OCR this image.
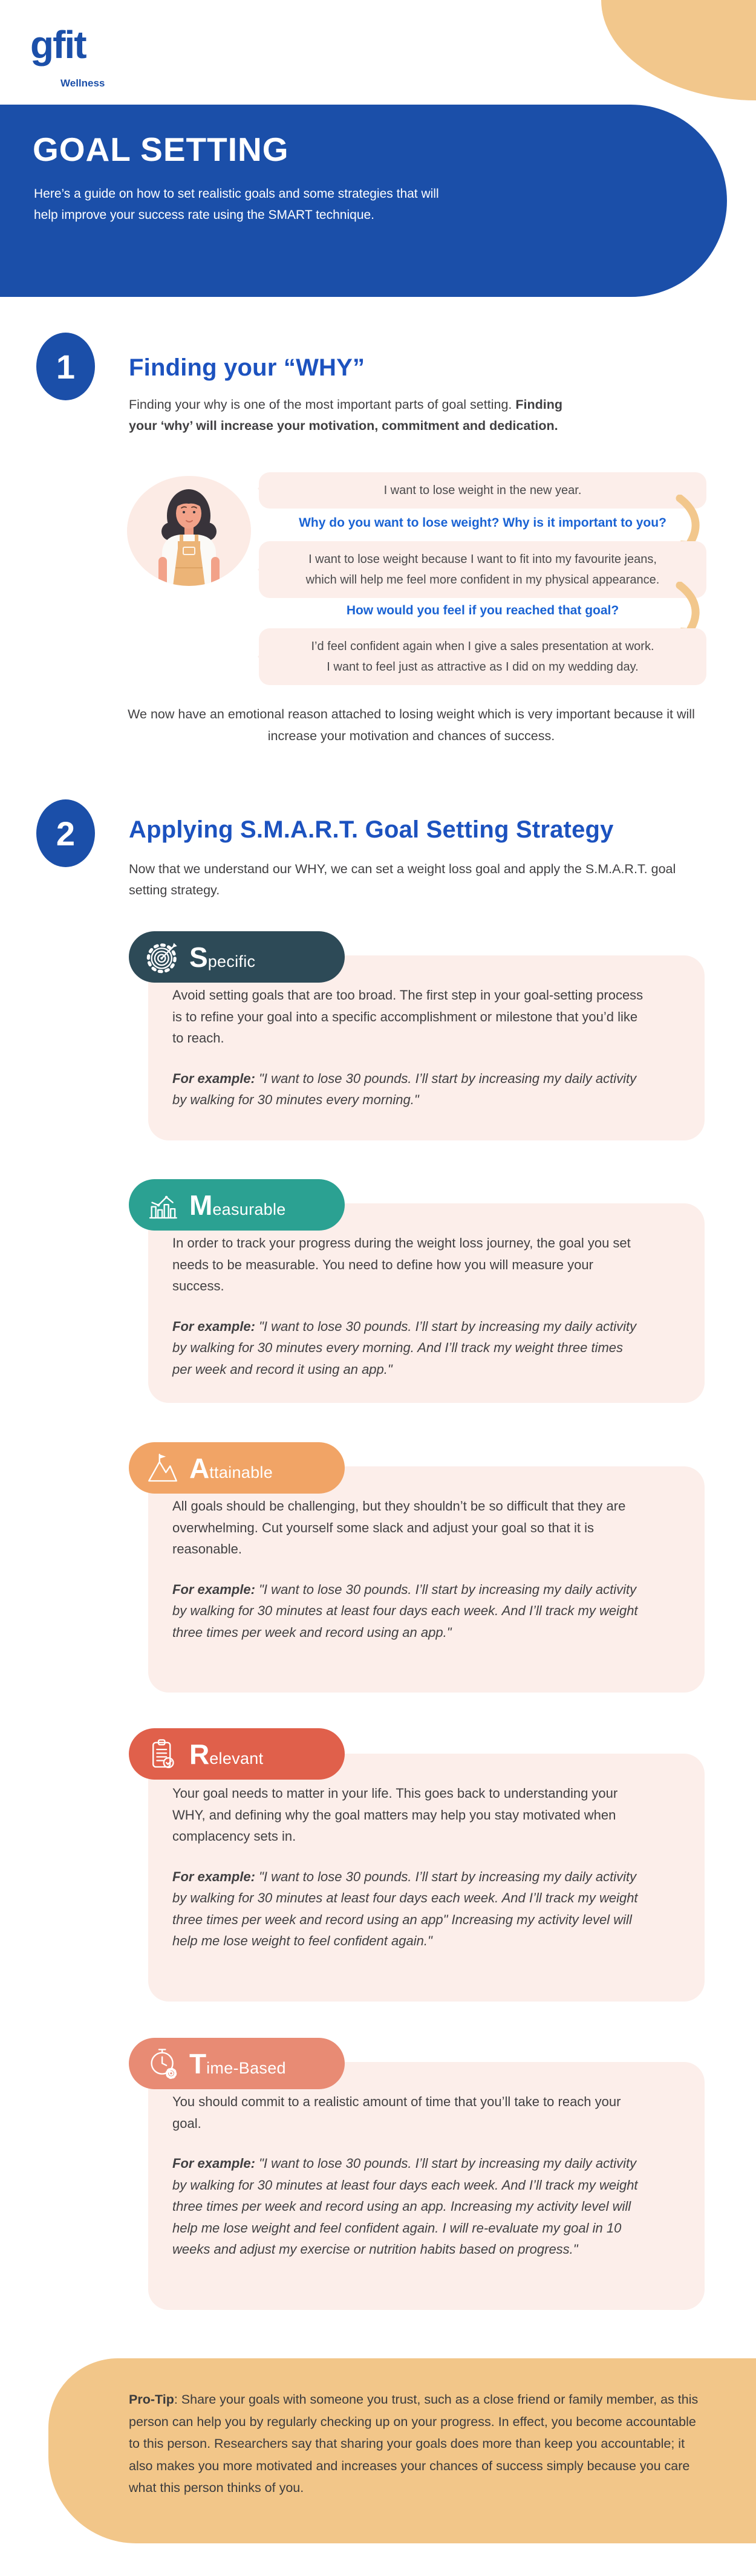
gfit
Wellness
GOAL SETTING
Here’s a guide on how to set realistic goals and some strategies that will
help improve your success rate using the SMART technique.
1	Finding your “WHY”
Finding your why is one of the most important parts of goal setting. Finding
your ‘why’ will increase your motivation, commitment and dedication.
I want to lose weight in the new year.
Why do you want to lose weight? Why is it important to you?
I want to lose weight because I want to fit into my favourite jeans,
which will help me feel more confident in my physical appearance.
How would you feel if you reached that goal?
I’d feel confident again when I give a sales presentation at work.
I want to feel just as attractive as I did on my wedding day.
We now have an emotional reason attached to losing weight which is very important because it will increase your motivation and chances of success.
2	Applying S.M.A.R.T. Goal Setting Strategy
Now that we understand our WHY, we can set a weight loss goal and apply the S.M.A.R.T. goal setting strategy.
Specific

Avoid setting goals that are too broad. The first step in your goal-setting process is to refine your goal into a specific accomplishment or milestone that you’d like to reach.

For example: "I want to lose 30 pounds. I’ll start by increasing my daily activity by walking for 30 minutes every morning."

Measurable

In order to track your progress during the weight loss journey, the goal you set needs to be measurable. You need to define how you will measure your success.

For example: "I want to lose 30 pounds. I’ll start by increasing my daily activity by walking for 30 minutes every morning. And I’ll track my weight three times per week and record it using an app."

Attainable

All goals should be challenging, but they shouldn’t be so difficult that they are overwhelming. Cut yourself some slack and adjust your goal so that it is reasonable.

For example: "I want to lose 30 pounds. I’ll start by increasing my daily activity by walking for 30 minutes at least four days each week. And I’ll track my weight three times per week and record using an app."

Relevant

Your goal needs to matter in your life. This goes back to understanding your WHY, and defining why the goal matters may help you stay motivated when complacency sets in.

For example: "I want to lose 30 pounds. I’ll start by increasing my daily activity by walking for 30 minutes at least four days each week. And I’ll track my weight three times per week and record using an app" Increasing my activity level will help me lose weight to feel confident again."

Time-Based

You should commit to a realistic amount of time that you’ll take to reach your goal.

For example: "I want to lose 30 pounds. I’ll start by increasing my daily activity by walking for 30 minutes at least four days each week. And I’ll track my weight three times per week and record using an app. Increasing my activity level will help me lose weight and feel confident again. I will re-evaluate my goal in 10 weeks and adjust my exercise or nutrition habits based on progress."

Pro-Tip: Share your goals with someone you trust, such as a close friend or family member, as this person can help you by regularly checking up on your progress. In effect, you become accountable to this person. Researchers say that sharing your goals does more than keep you accountable; it also makes you more motivated and increases your chances of success simply because you care what this person thinks of you.
